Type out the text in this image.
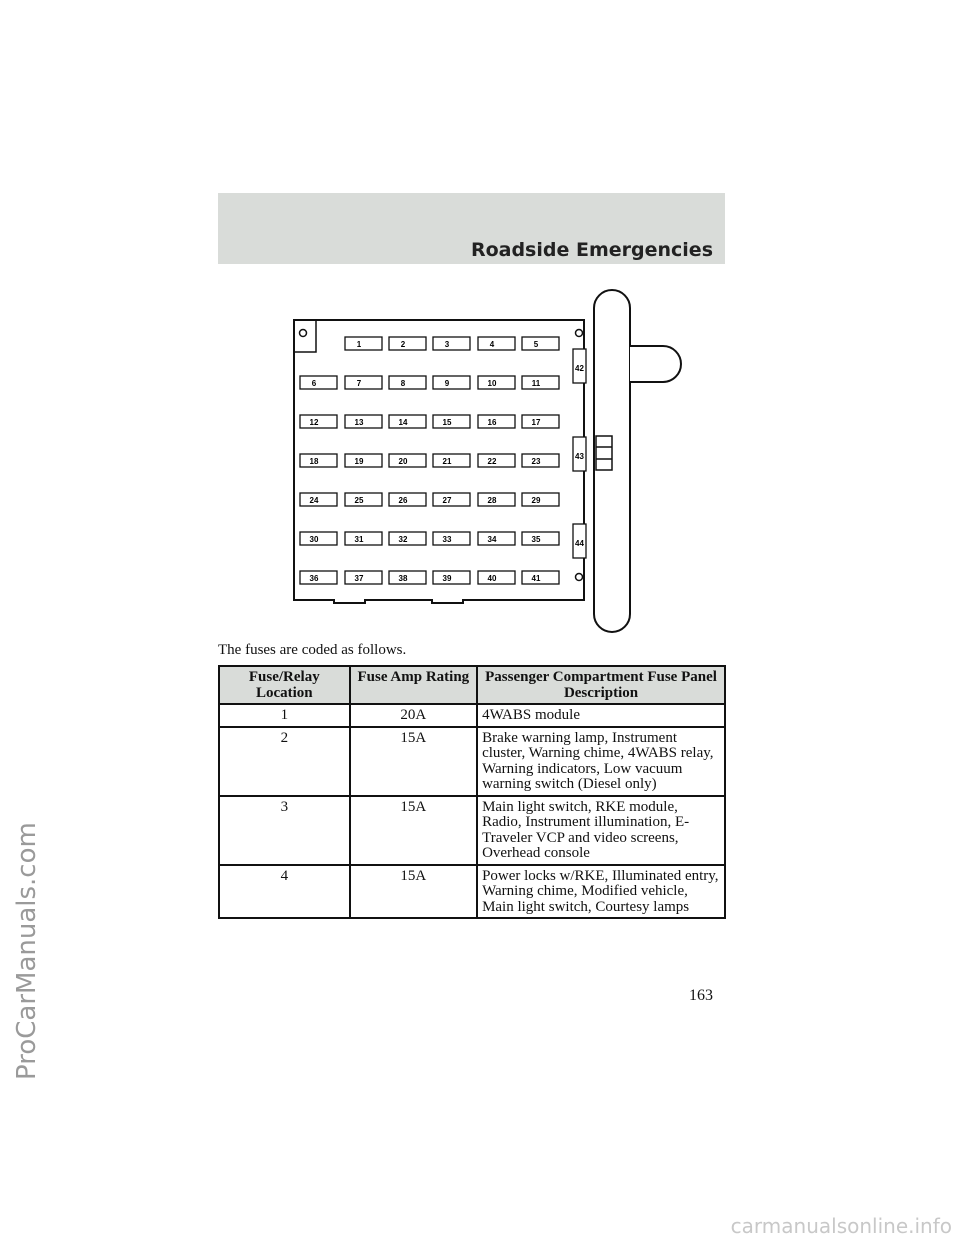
Roadside Emergencies
1	2	3	4	5
6	7	8	9	10	11
12	13	14	15	16	17
18	19	20	21	22	23
24	25	26	27	28	29
30	31	32	33	34	35
36	37	38	39	40	41
42
43
44
The fuses are coded as follows.
Fuse/Relay Location	Fuse Amp Rating	Passenger Compartment Fuse Panel Description
1	20A	4WABS module
2	15A	Brake warning lamp, Instrument cluster, Warning chime, 4WABS relay, Warning indicators, Low vacuum warning switch (Diesel only)
3	15A	Main light switch, RKE module, Radio, Instrument illumination, E-Traveler VCP and video screens, Overhead console
4	15A	Power locks w/RKE, Illuminated entry, Warning chime, Modified vehicle, Main light switch, Courtesy lamps
163
ProCarManuals.com
carmanualsonline.info
